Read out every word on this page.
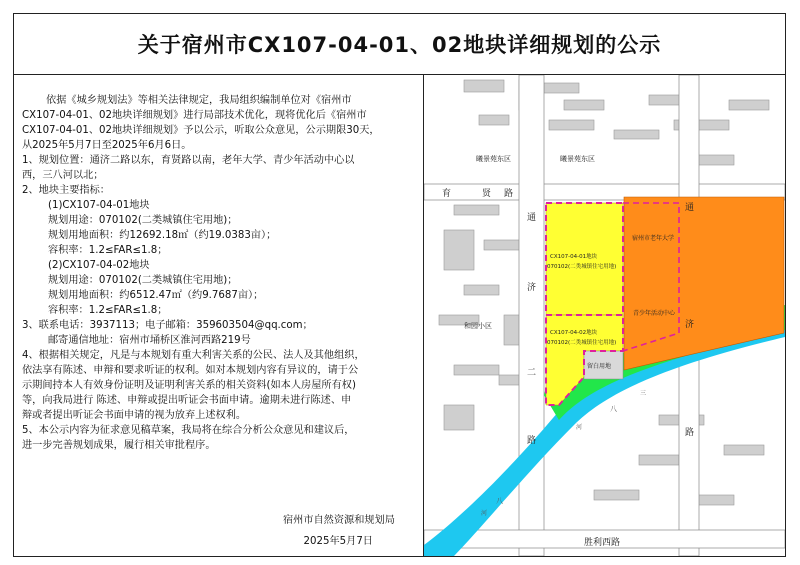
关于宿州市CX107-04-01、02地块详细规划的公示

依据《城乡规划法》等相关法律规定，我局组织编制单位对《宿州市

CX107-04-01、02地块详细规划》进行局部技术优化，现将优化后《宿州市

CX107-04-01、02地块详细规划》予以公示，听取公众意见，公示期限30天，

从2025年5月7日至2025年6月6日。

1、规划位置：通济二路以东，育贤路以南，老年大学、青少年活动中心以

西，三八河以北；

2、地块主要指标：

(1)CX107-04-01地块

规划用途：070102(二类城镇住宅用地)；

规划用地面积：约12692.18㎡（约19.0383亩）；

容积率：1.2≤FAR≤1.8；

(2)CX107-04-02地块

规划用途：070102(二类城镇住宅用地)；

规划用地面积：约6512.47㎡（约9.7687亩）；

容积率：1.2≤FAR≤1.8；

3、联系电话：3937113；电子邮箱：359603504@qq.com；

邮寄通信地址：宿州市埇桥区淮河西路219号

4、根据相关规定，凡是与本规划有重大利害关系的公民、法人及其他组织，

依法享有陈述、申辩和要求听证的权利。如对本规划内容有异议的，请于公

示期间持本人有效身份证明及证明利害关系的相关资料(如本人房屋所有权)

等，向我局进行 陈述、申辩或提出听证会书面申请。逾期未进行陈述、申

辩或者提出听证会书面申请的视为放弃上述权利。

5、本公示内容为征求意见稿草案，我局将在综合分析公众意见和建议后，

进一步完善规划成果，履行相关审批程序。

宿州市自然资源和规划局
2025年5月7日
曦景苑东区	曦景苑东区
育	贤 路
通
济
二
路
通
济
路
和园小区
CX107-04-01地块
070102(二类城镇住宅用地)
CX107-04-02地块
070102(二类城镇住宅用地)
宿州市老年大学
青少年活动中心
留白用地
三
八
河
八
河
胜利西路
